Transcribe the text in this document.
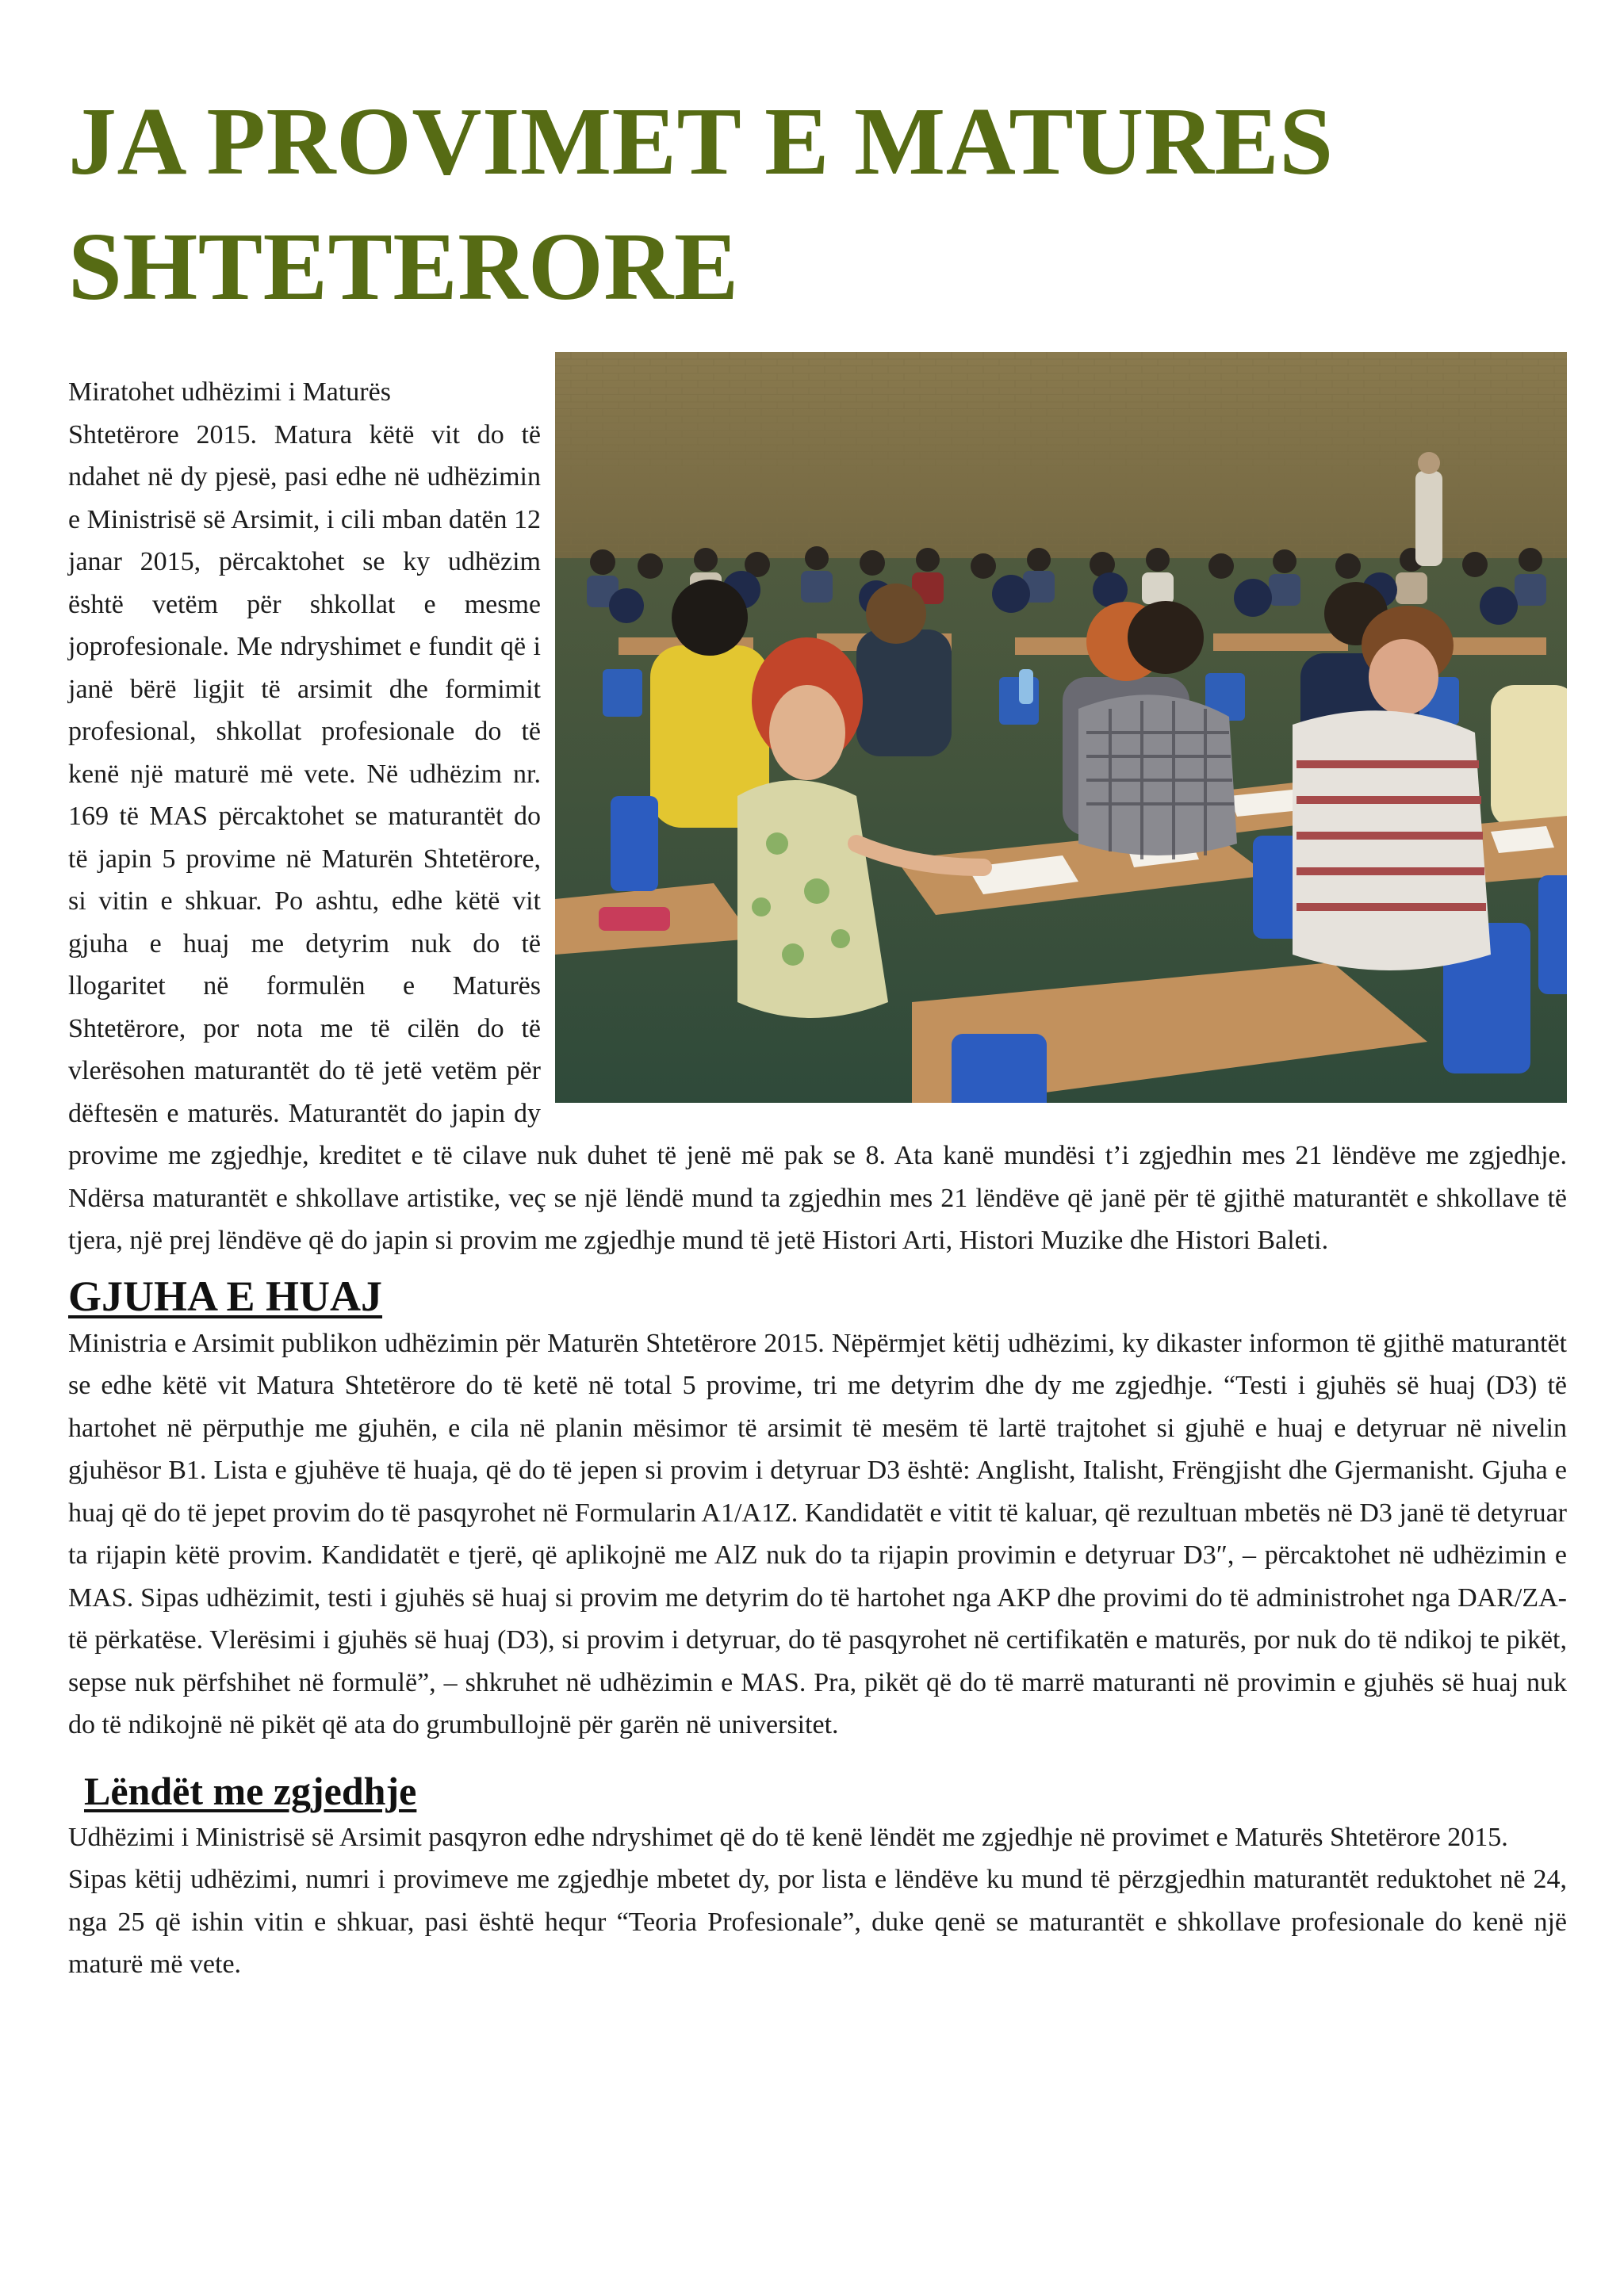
JA PROVIMET E MATURES SHTETERORE

Miratohet udhëzimi i Maturës

Shtetërore 2015. Matura këtë vit do të ndahet në dy pjesë, pasi edhe në udhëzimin e Ministrisë së Arsimit, i cili mban datën 12 janar 2015, përcaktohet se ky udhëzim është vetëm për shkollat e mesme joprofesionale. Me ndryshimet e fundit që i janë bërë ligjit të arsimit dhe formimit profesional, shkollat profesionale do të kenë një maturë më vete. Në udhëzim nr. 169 të MAS përcaktohet se maturantët do të japin 5 provime në Maturën Shtetërore, si vitin e shkuar. Po ashtu, edhe këtë vit gjuha e huaj me detyrim nuk do të llogaritet në formulën e Maturës Shtetërore, por nota me të cilën do të vlerësohen maturantët do të jetë vetëm për dëftesën e maturës. Maturantët do japin dy provime me zgjedhje, kreditet e të cilave nuk duhet të jenë më pak se 8. Ata kanë mundësi t’i zgjedhin mes 21 lëndëve me zgjedhje. Ndërsa maturantët e shkollave artistike, veç se një lëndë mund ta zgjedhin mes 21 lëndëve që janë për të gjithë maturantët e shkollave të tjera, një prej lëndëve që do japin si provim me zgjedhje mund të jetë Histori Arti, Histori Muzike dhe Histori Baleti.

GJUHA E HUAJ

Ministria e Arsimit publikon udhëzimin për Maturën Shtetërore 2015. Nëpërmjet këtij udhëzimi, ky dikaster informon të gjithë maturantët se edhe këtë vit Matura Shtetërore do të ketë në total 5 provime, tri me detyrim dhe dy me zgjedhje. “Testi i gjuhës së huaj (D3) të hartohet në përputhje me gjuhën, e cila në planin mësimor të arsimit të mesëm të lartë trajtohet si gjuhë e huaj e detyruar në nivelin gjuhësor B1. Lista e gjuhëve të huaja, që do të jepen si provim i detyruar D3 është: Anglisht, Italisht, Frëngjisht dhe Gjermanisht. Gjuha e huaj që do të jepet provim do të pasqyrohet në Formularin A1/A1Z. Kandidatët e vitit të kaluar, që rezultuan mbetës në D3 janë të detyruar ta rijapin këtë provim. Kandidatët e tjerë, që aplikojnë me AlZ nuk do ta rijapin provimin e detyruar D3″, – përcaktohet në udhëzimin e MAS. Sipas udhëzimit, testi i gjuhës së huaj si provim me detyrim do të hartohet nga AKP dhe provimi do të administrohet nga DAR/ZA-të përkatëse. Vlerësimi i gjuhës së huaj (D3), si provim i detyruar, do të pasqyrohet në certifikatën e maturës, por nuk do të ndikoj te pikët, sepse nuk përfshihet në formulë”, – shkruhet në udhëzimin e MAS. Pra, pikët që do të marrë maturanti në provimin e gjuhës së huaj nuk do të ndikojnë në pikët që ata do grumbullojnë për garën në universitet.

Lëndët me zgjedhje

Udhëzimi i Ministrisë së Arsimit pasqyron edhe ndryshimet që do të kenë lëndët me zgjedhje në provimet e Maturës Shtetërore 2015.

Sipas këtij udhëzimi, numri i provimeve me zgjedhje mbetet dy, por lista e lëndëve ku mund të përzgjedhin maturantët reduktohet në 24, nga 25 që ishin vitin e shkuar, pasi është hequr “Teoria Profesionale”, duke qenë se maturantët e shkollave profesionale do kenë një maturë më vete.
